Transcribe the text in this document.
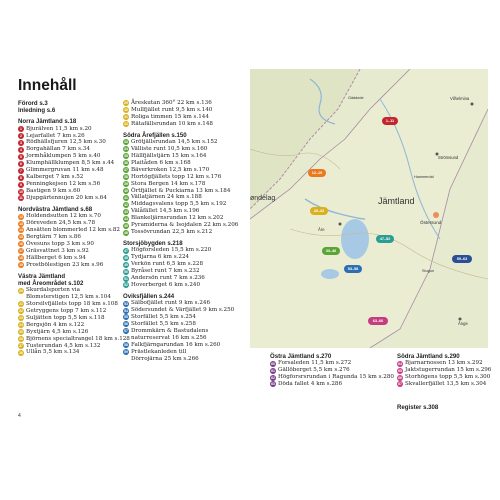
Innehåll
Förord s.3
Inledning s.6
Norra Jämtland s.18
1 Bjurälven 11,5 km s.20
2 Lejarfallet 7 km s.26
3 Rödhällsfjuren 12,5 km s.30
4 Borgahällan 7 km s.34
5 Jormhåklumpen 5 km s.40
6 Klumphällklumpen 8,5 km s.44
7 Glimmergruvan 11 km s.48
8 Kalberget 7 km s.52
9 Penningkejsen 12 km s.56
10 Bastigen 9 km s.60
11 Djupgärtennujen 20 km s.64
Nordvästra Jämtland s.68
12 Holdendsutten 12 km s.70
13 Döreveden 24,5 km s.78
14 Ansätten blommerled 12 km s.82
15 Bergtärn 7 km s.86
16 Övesuns topp 3 km s.90
17 Gräsvattnet 3 km s.92
18 Hällberget 6 km s.94
19 Prostbölestigen 23 km s.96
Västra Jämtland
med Åreområdet s.102
20 Skurdalsporten via
Blomsterstigen 12,5 km s.104
21 Storsilvfjällets topp 18 km s.108
22 Getryggens topp 7 km s.112
23 Suljätten topp 5,5 km s.118
24 Bergsjön 4 km s.122
25 Byxtjärn 4,5 km s.126
26 Björnens specialtrangel 18 km s.128
27 Tusterundan 4,5 km s.132
28 Ullån 5,5 km s.134
29 Åreskutan 360° 22 km s.136
30 Mullfjället runt 9,5 km s.140
31 Roliga timmen 15 km s.144
32 Rätafällsrundan 10 km s.148
Södra Årefjällen s.150
33 Grötjällsrundan 14,5 km s.152
34 Välliste runt 10,5 km s.160
35 Hällfjällstjärn 15 km s.164
36 Plaitåden 6 km s.168
37 Bäverkroken 12,5 km s.170
38 Hortögfjällets topp 12 km s.176
39 Stora Bergen 14 km s.178
40 Örtfjället & Puckiarna 13 km s.184
41 Vällatjärnen 24 km s.188
42 Middagsvalens topp 5,5 km s.192
43 Välåfället 14,5 km s.196
44 Blankeljärnsrundan 12 km s.202
45 Pyramiderna & Isojdalen 22 km s.206
46 Tossövrundan 22,5 km s.212
Storsjöbygden s.218
47 Högforsleden 15,5 km s.220
48 Tydjarna 6 km s.224
49 Verkön runt 6,5 km s.228
50 Byråset runt 7 km s.232
51 Andersön runt 7 km s.236
52 Hoverberget 6 km s.240
Oviksfjällen s.244
53 Sälbofjället runt 9 km s.246
54 Södersundet & Värfjället 9 km s.250
55 Storfället 5,5 km s.254
56 Storfället 5,5 km s.258
57 Drommkärn & Bastudalens
naturreservat 16 km s.256
58 Falkfjärngarundan 16 km s.260
59 Prästlekanleden till
Dörrojärna 25 km s.266
Vilhelmina
øndelag	Jämtland
Åre
Östersund
Strömsund
Ånge
Stugun
Hammerdal
Gäddede
1–11
12–19
20–32
33–46
47–52
53–58
59–63
63–66
Östra Jämtland s.270
60 Forsaleden 11,5 km s.272
61 Gällöberget 5,5 km s.276
62 Högforsrsrundan i Ragunda 15 km s.280
63 Döda fallet 4 km s.286
Södra Jämtland s.290
64 Bjarnarnossen 13 km s.292
65 Jaktstugerrundan 15 km s.296
66 Storhögens topp 5,5 km s.300
67 Skvallerfjället 13,5 km s.304
Register s.308
4
